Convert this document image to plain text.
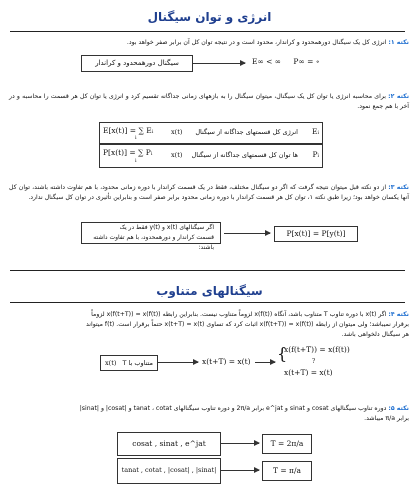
انرژی و توان سیگنال
نکته ۱: انرژی کل یک سیگنال دورهمحدود و کراندار، محدود است و در نتیجه توان کل آن برابر صفر خواهد بود.
سیگنال دورهمحدود و کراندار	E∞ < ∞ P∞ = ∘
نکته ۲: برای محاسبه انرژی یا توان کل یک سیگنال، میتوان سیگنال را به بازههای زمانی جداگانه تقسیم کرد و انرژی یا توان کل هر قسمت را محاسبه و در آخر با هم جمع نمود.
E[x(t)] = ∑ Eᵢ
i
x(t) انرژی کل قسمتهای جداگانه از سیگنال Eᵢ
P[x(t)] = ∑ Pᵢ
i
x(t) ها توان کل قسمتهای جداگانه از سیگنال Pᵢ
نکته ۳: از دو نکته قبل میتوان نتیجه گرفت که اگر دو سیگنال مختلف، فقط در یک قسمت کراندار با دوره زمانی محدود، با هم تفاوت داشته باشند، توان کل آنها یکسان خواهد بود؛ زیرا طبق نکته ۱، توان کل هر قسمت کراندار با دوره زمانی محدود برابر صفر است و بنابراین تأثیری در توان کل سیگنال ندارد.
اگر سیگنالهای x(t) و y(t) فقط در یک
قسمت کراندار و دورهمحدود، با هم تفاوت داشته باشند:
P[x(t)] = P[y(t)]
سیگنالهای متناوب
نکته ۴: اگر x(t) با دوره تناوب T متناوب باشد، آنگاه x(f(t)) لزوماً متناوب نیست. بنابراین رابطه x(f(t+T)) = x(f(t)) لزوماً
برقرار نمیباشد؛ ولی میتوان از رابطه x(f(t+T)) = x(f(t)) اثبات کرد که تساوی x(t+T) = x(t) حتماً برقرار است. f(t) میتواند
هر سیگنال دلخواهی باشد.
x(t) متناوب با T	x(t+T) = x(t) {
x(f(t+T)) = x(f(t))
?
x(t+T) = x(t)
نکته ۵: دوره تناوب سیگنالهای cosat و sinat و e^jat برابر 2π/a و دوره تناوب سیگنالهای tanat ، cotat و |cosat| و |sinat|
برابر π/a میباشد.
cosat , sinat , e^jat	T = 2π/a
tanat , cotat , |cosat| , |sinat|	T = π/a
